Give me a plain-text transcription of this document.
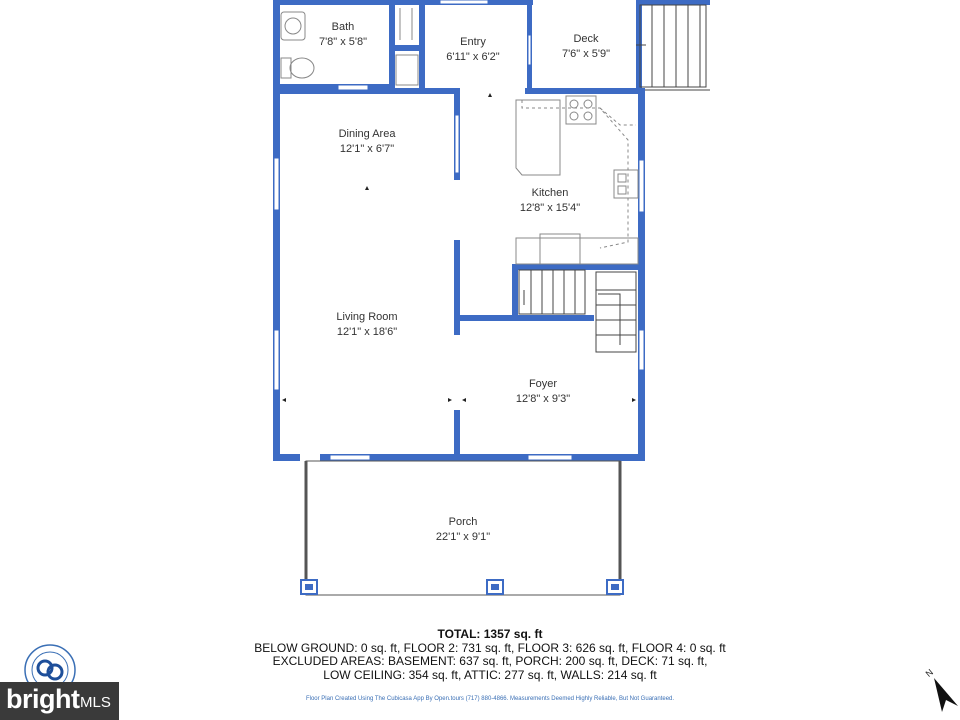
Bath
7'8" x 5'8"	Entry
6'11" x 6'2"
Deck
7'6" x 5'9"
Dining Area
12'1" x 6'7"
Kitchen
12'8" x 15'4"
Living Room
12'1" x 18'6"
Foyer
12'8" x 9'3"
Porch
22'1" x 9'1"
TOTAL: 1357 sq. ft
BELOW GROUND: 0 sq. ft, FLOOR 2: 731 sq. ft, FLOOR 3: 626 sq. ft, FLOOR 4: 0 sq. ft
EXCLUDED AREAS: BASEMENT: 637 sq. ft, PORCH: 200 sq. ft, DECK: 71 sq. ft,
LOW CEILING: 354 sq. ft, ATTIC: 277 sq. ft, WALLS: 214 sq. ft
Floor Plan Created Using The Cubicasa App By Open.tours (717) 880-4866. Measurements Deemed Highly Reliable, But Not Guaranteed.
bright MLS
N
